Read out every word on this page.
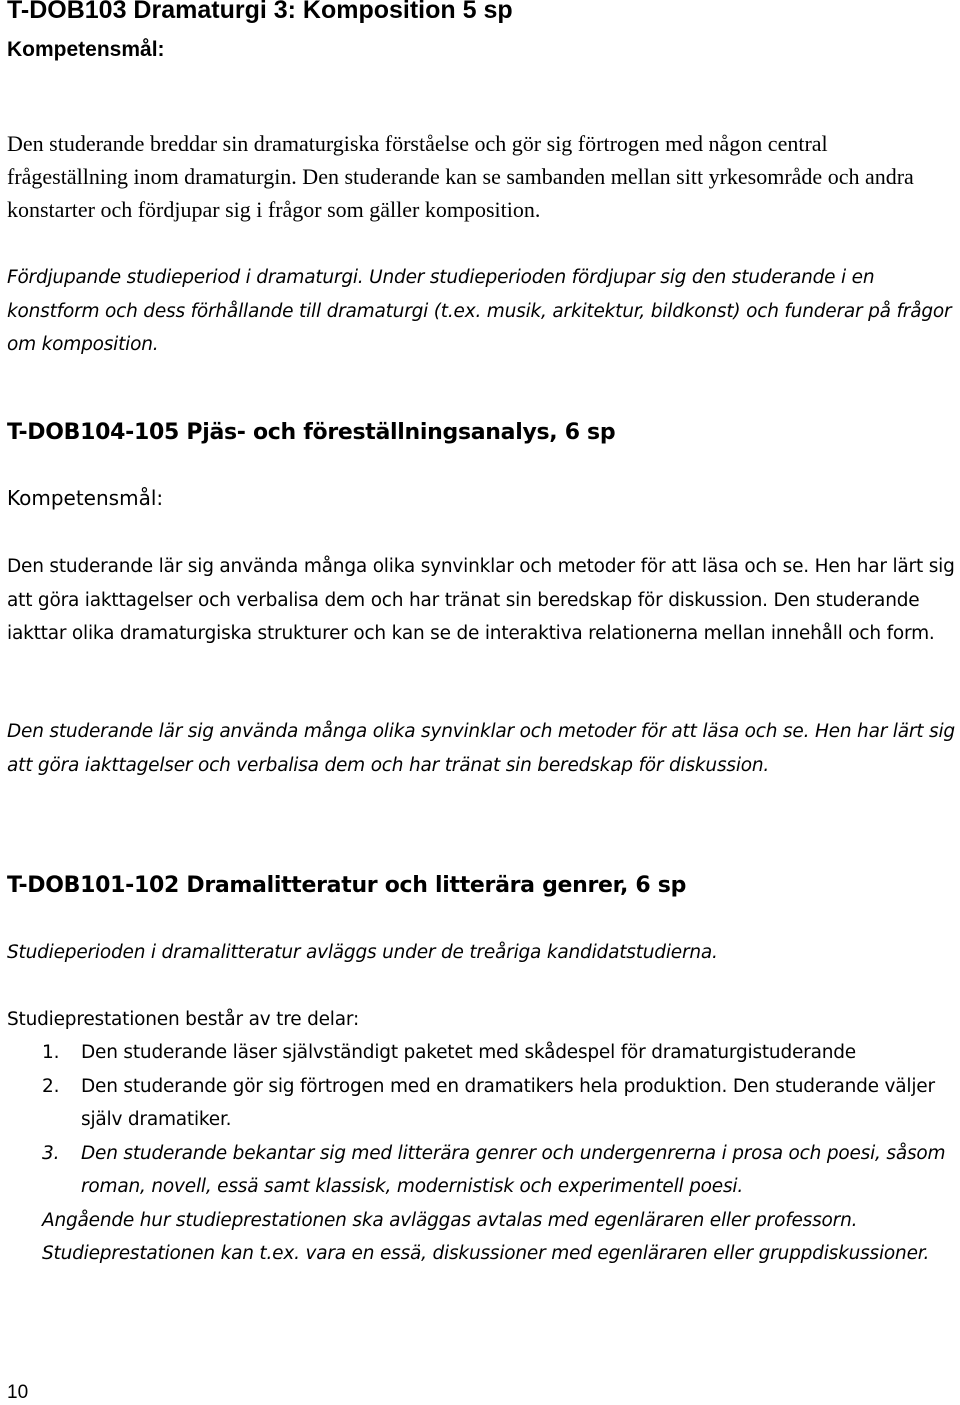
T-DOB103 Dramaturgi 3: Komposition 5 sp
Kompetensmål:

Den studerande breddar sin dramaturgiska förståelse och gör sig förtrogen med någon central frågeställning inom dramaturgin. Den studerande kan se sambanden mellan sitt yrkesområde och andra konstarter och fördjupar sig i frågor som gäller komposition.

Fördjupande studieperiod i dramaturgi. Under studieperioden fördjupar sig den studerande i en konstform och dess förhållande till dramaturgi (t.ex. musik, arkitektur, bildkonst) och funderar på frågor om komposition.

T-DOB104-105 Pjäs- och föreställningsanalys, 6 sp
Kompetensmål:

Den studerande lär sig använda många olika synvinklar och metoder för att läsa och se. Hen har lärt sig att göra iakttagelser och verbalisa dem och har tränat sin beredskap för diskussion. Den studerande iakttar olika dramaturgiska strukturer och kan se de interaktiva relationerna mellan innehåll och form.

Den studerande lär sig använda många olika synvinklar och metoder för att läsa och se. Hen har lärt sig att göra iakttagelser och verbalisa dem och har tränat sin beredskap för diskussion.

T-DOB101-102 Dramalitteratur och litterära genrer, 6 sp

Studieperioden i dramalitteratur avläggs under de treåriga kandidatstudierna.

Studieprestationen består av tre delar:

1. Den studerande läser självständigt paketet med skådespel för dramaturgistuderande
2. Den studerande gör sig förtrogen med en dramatikers hela produktion. Den studerande väljer själv dramatiker.
3. Den studerande bekantar sig med litterära genrer och undergenrerna i prosa och poesi, såsom roman, novell, essä samt klassisk, modernistisk och experimentell poesi.
Angående hur studieprestationen ska avläggas avtalas med egenläraren eller professorn. Studieprestationen kan t.ex. vara en essä, diskussioner med egenläraren eller gruppdiskussioner.
10
